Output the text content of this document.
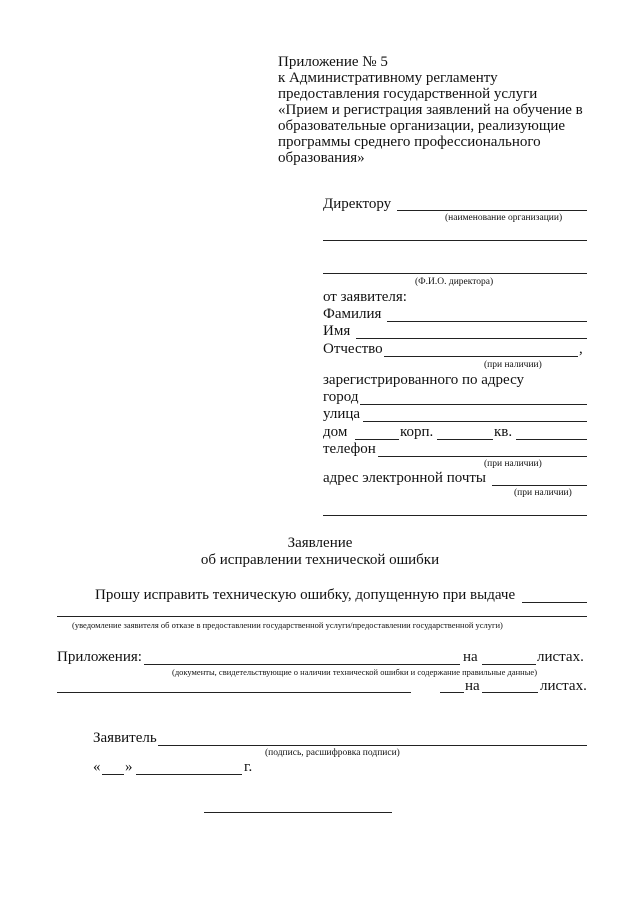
Приложение № 5
к Административному регламенту
предоставления государственной услуги
«Прием и регистрация заявлений на обучение в
образовательные организации, реализующие
программы среднего профессионального
образования»
Директору
(наименование организации)
(Ф.И.О. директора)
от заявителя:
Фамилия
Имя
Отчество	,
(при наличии)
зарегистрированного по адресу
город
улица
дом	корп.	кв.
телефон
(при наличии)
адрес электронной почты
(при наличии)
Заявление
об исправлении технической ошибки
Прошу исправить техническую ошибку, допущенную при выдаче
(уведомление заявителя об отказе в предоставлении государственной услуги/предоставлении государственной услуги)
Приложения:	на	листах.
(документы, свидетельствующие о наличии технической ошибки и содержание правильные данные)
на	листах.
Заявитель
(подпись, расшифровка подписи)
« »	г.
